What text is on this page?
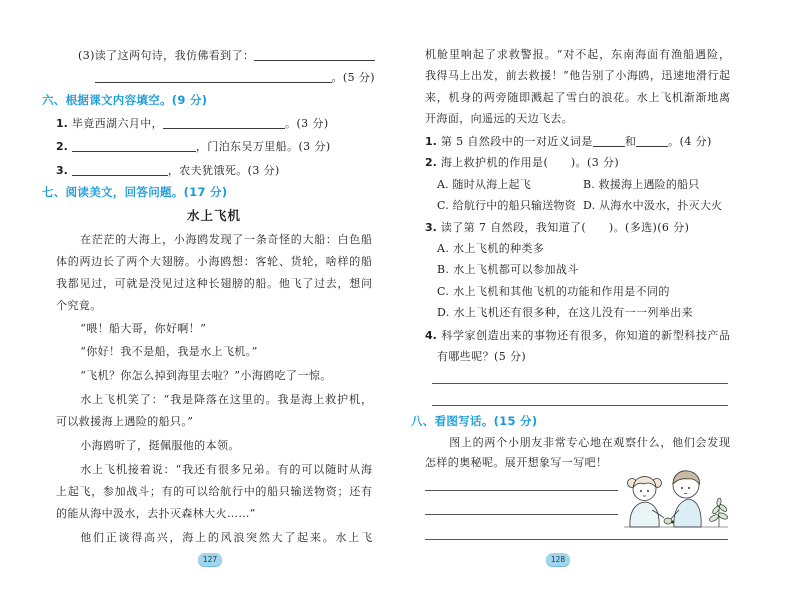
(3)读了这两句诗，我仿佛看到了：
。(5 分)
六、根据课文内容填空。(9 分)
1. 毕竟西湖六月中，	。(3 分)
2.	，门泊东吴万里船。(3 分)
3.	，农夫犹饿死。(3 分)
七、阅读美文，回答问题。(17 分)
水上飞机
在茫茫的大海上，小海鸥发现了一条奇怪的大船：白色船
体的两边长了两个大翅膀。小海鸥想：客轮、货轮，啥样的船
我都见过，可就是没见过这种长翅膀的船。他飞了过去，想问
个究竟。
“喂！船大哥，你好啊！”
“你好！我不是船，我是水上飞机。”
“飞机？你怎么掉到海里去啦？”小海鸥吃了一惊。
水上飞机笑了：“我是降落在这里的。我是海上救护机，
可以救援海上遇险的船只。”
小海鸥听了，挺佩服他的本领。
水上飞机接着说：“我还有很多兄弟。有的可以随时从海
上起飞，参加战斗；有的可以给航行中的船只输送物资；还有
的能从海中汲水，去扑灭森林大火……”
他们正谈得高兴，海上的风浪突然大了起来。水上飞
127
机舱里响起了求救警报。“对不起，东南海面有渔船遇险，
我得马上出发，前去救援！”他告别了小海鸥，迅速地滑行起
来，机身的两旁随即溅起了雪白的浪花。水上飞机渐渐地离
开海面，向遥远的天边飞去。
1. 第 5 自然段中的一对近义词是	和	。(4 分)
2. 海上救护机的作用是(　　)。(3 分)
A. 随时从海上起飞	B. 救援海上遇险的船只
C. 给航行中的船只输送物资 D. 从海水中汲水，扑灭大火
3. 读了第 7 自然段，我知道了(　　)。(多选)(6 分)
A. 水上飞机的种类多
B. 水上飞机都可以参加战斗
C. 水上飞机和其他飞机的功能和作用是不同的
D. 水上飞机还有很多种，在这儿没有一一列举出来
4. 科学家创造出来的事物还有很多，你知道的新型科技产品
有哪些呢？(5 分)
八、看图写话。(15 分)
图上的两个小朋友非常专心地在观察什么，他们会发现
怎样的奥秘呢。展开想象写一写吧！
128
